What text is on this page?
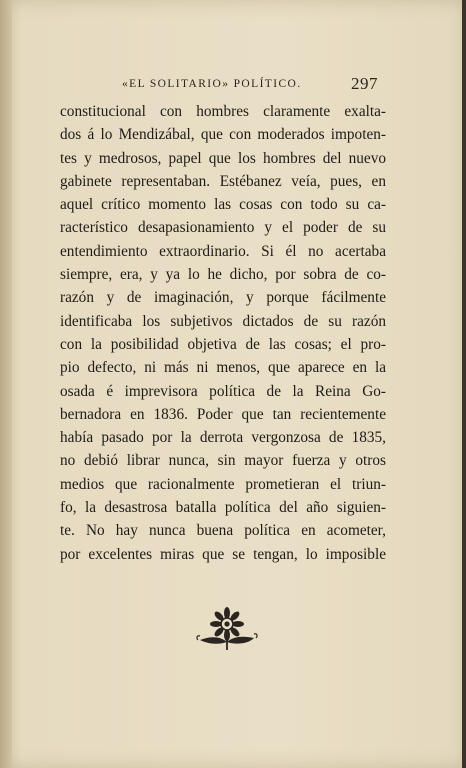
«EL SOLITARIO» POLÍTICO.	297
constitucional con hombres claramente exalta-
dos á lo Mendizábal, que con moderados impoten-
tes y medrosos, papel que los hombres del nuevo
gabinete representaban. Estébanez veía, pues, en
aquel crítico momento las cosas con todo su ca-
racterístico desapasionamiento y el poder de su
entendimiento extraordinario. Si él no acertaba
siempre, era, y ya lo he dicho, por sobra de co-
razón y de imaginación, y porque fácilmente
identificaba los subjetivos dictados de su razón
con la posibilidad objetiva de las cosas; el pro-
pio defecto, ni más ni menos, que aparece en la
osada é imprevisora política de la Reina Go-
bernadora en 1836. Poder que tan recientemente
había pasado por la derrota vergonzosa de 1835,
no debió librar nunca, sin mayor fuerza y otros
medios que racionalmente prometieran el triun-
fo, la desastrosa batalla política del año siguien-
te. No hay nunca buena política en acometer,
por excelentes miras que se tengan, lo imposible
